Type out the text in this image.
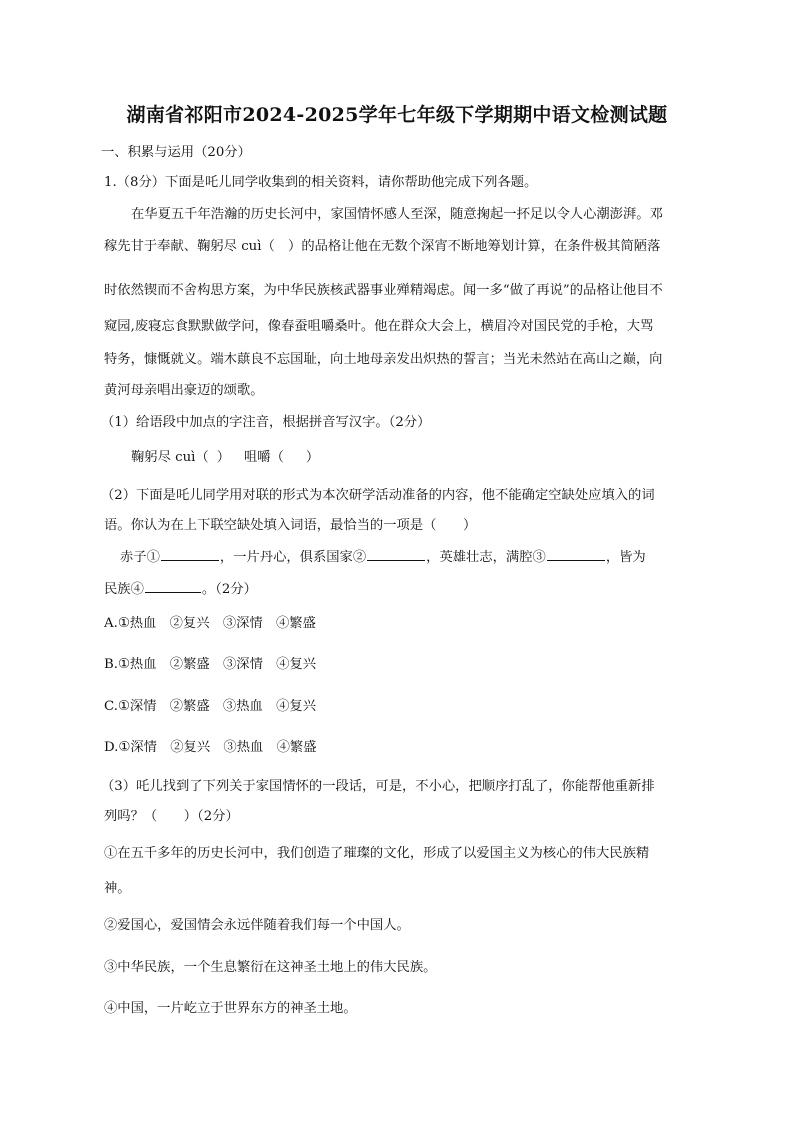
湖南省祁阳市2024-2025学年七年级下学期期中语文检测试题
一、积累与运用（20分）
1.（8分）下面是吒儿同学收集到的相关资料，请你帮助他完成下列各题。
在华夏五千年浩瀚的历史长河中，家国情怀感人至深，随意掬起一抔足以令人心潮澎湃。邓
稼先甘于奉献、鞠躬尽 cuì（　）的品格让他在无数个深宵不断地筹划计算，在条件极其简陋落
时依然锲而不舍构思方案，为中华民族核武器事业殚精竭虑。闻一多“做了再说”的品格让他目不
窥园,废寝忘食默默做学问，像春蚕咀嚼桑叶。他在群众大会上，横眉冷对国民党的手枪，大骂
特务，慷慨就义。端木蕻良不忘国耻，向土地母亲发出炽热的誓言；当光未然站在高山之巅，向
黄河母亲唱出豪迈的颂歌。
（1）给语段中加点的字注音，根据拼音写汉字。（2分）
鞠躬尽 cuì（ ） 咀嚼（ ）
（2）下面是吒儿同学用对联的形式为本次研学活动准备的内容，他不能确定空缺处应填入的词
语。你认为在上下联空缺处填入词语，最恰当的一项是（　　）
赤子①	，一片丹心，俱系国家②	，英雄壮志，满腔③	，皆为
民族④	。（2分）
A.①热血　②复兴　③深情　④繁盛
B.①热血　②繁盛　③深情　④复兴
C.①深情　②繁盛　③热血　④复兴
D.①深情　②复兴　③热血　④繁盛
（3）吒儿找到了下列关于家国情怀的一段话，可是，不小心，把顺序打乱了，你能帮他重新排
列吗？（　　）（2分）
①在五千多年的历史长河中，我们创造了璀璨的文化，形成了以爱国主义为核心的伟大民族精
神。
②爱国心，爱国情会永远伴随着我们每一个中国人。
③中华民族，一个生息繁衍在这神圣土地上的伟大民族。
④中国，一片屹立于世界东方的神圣土地。
